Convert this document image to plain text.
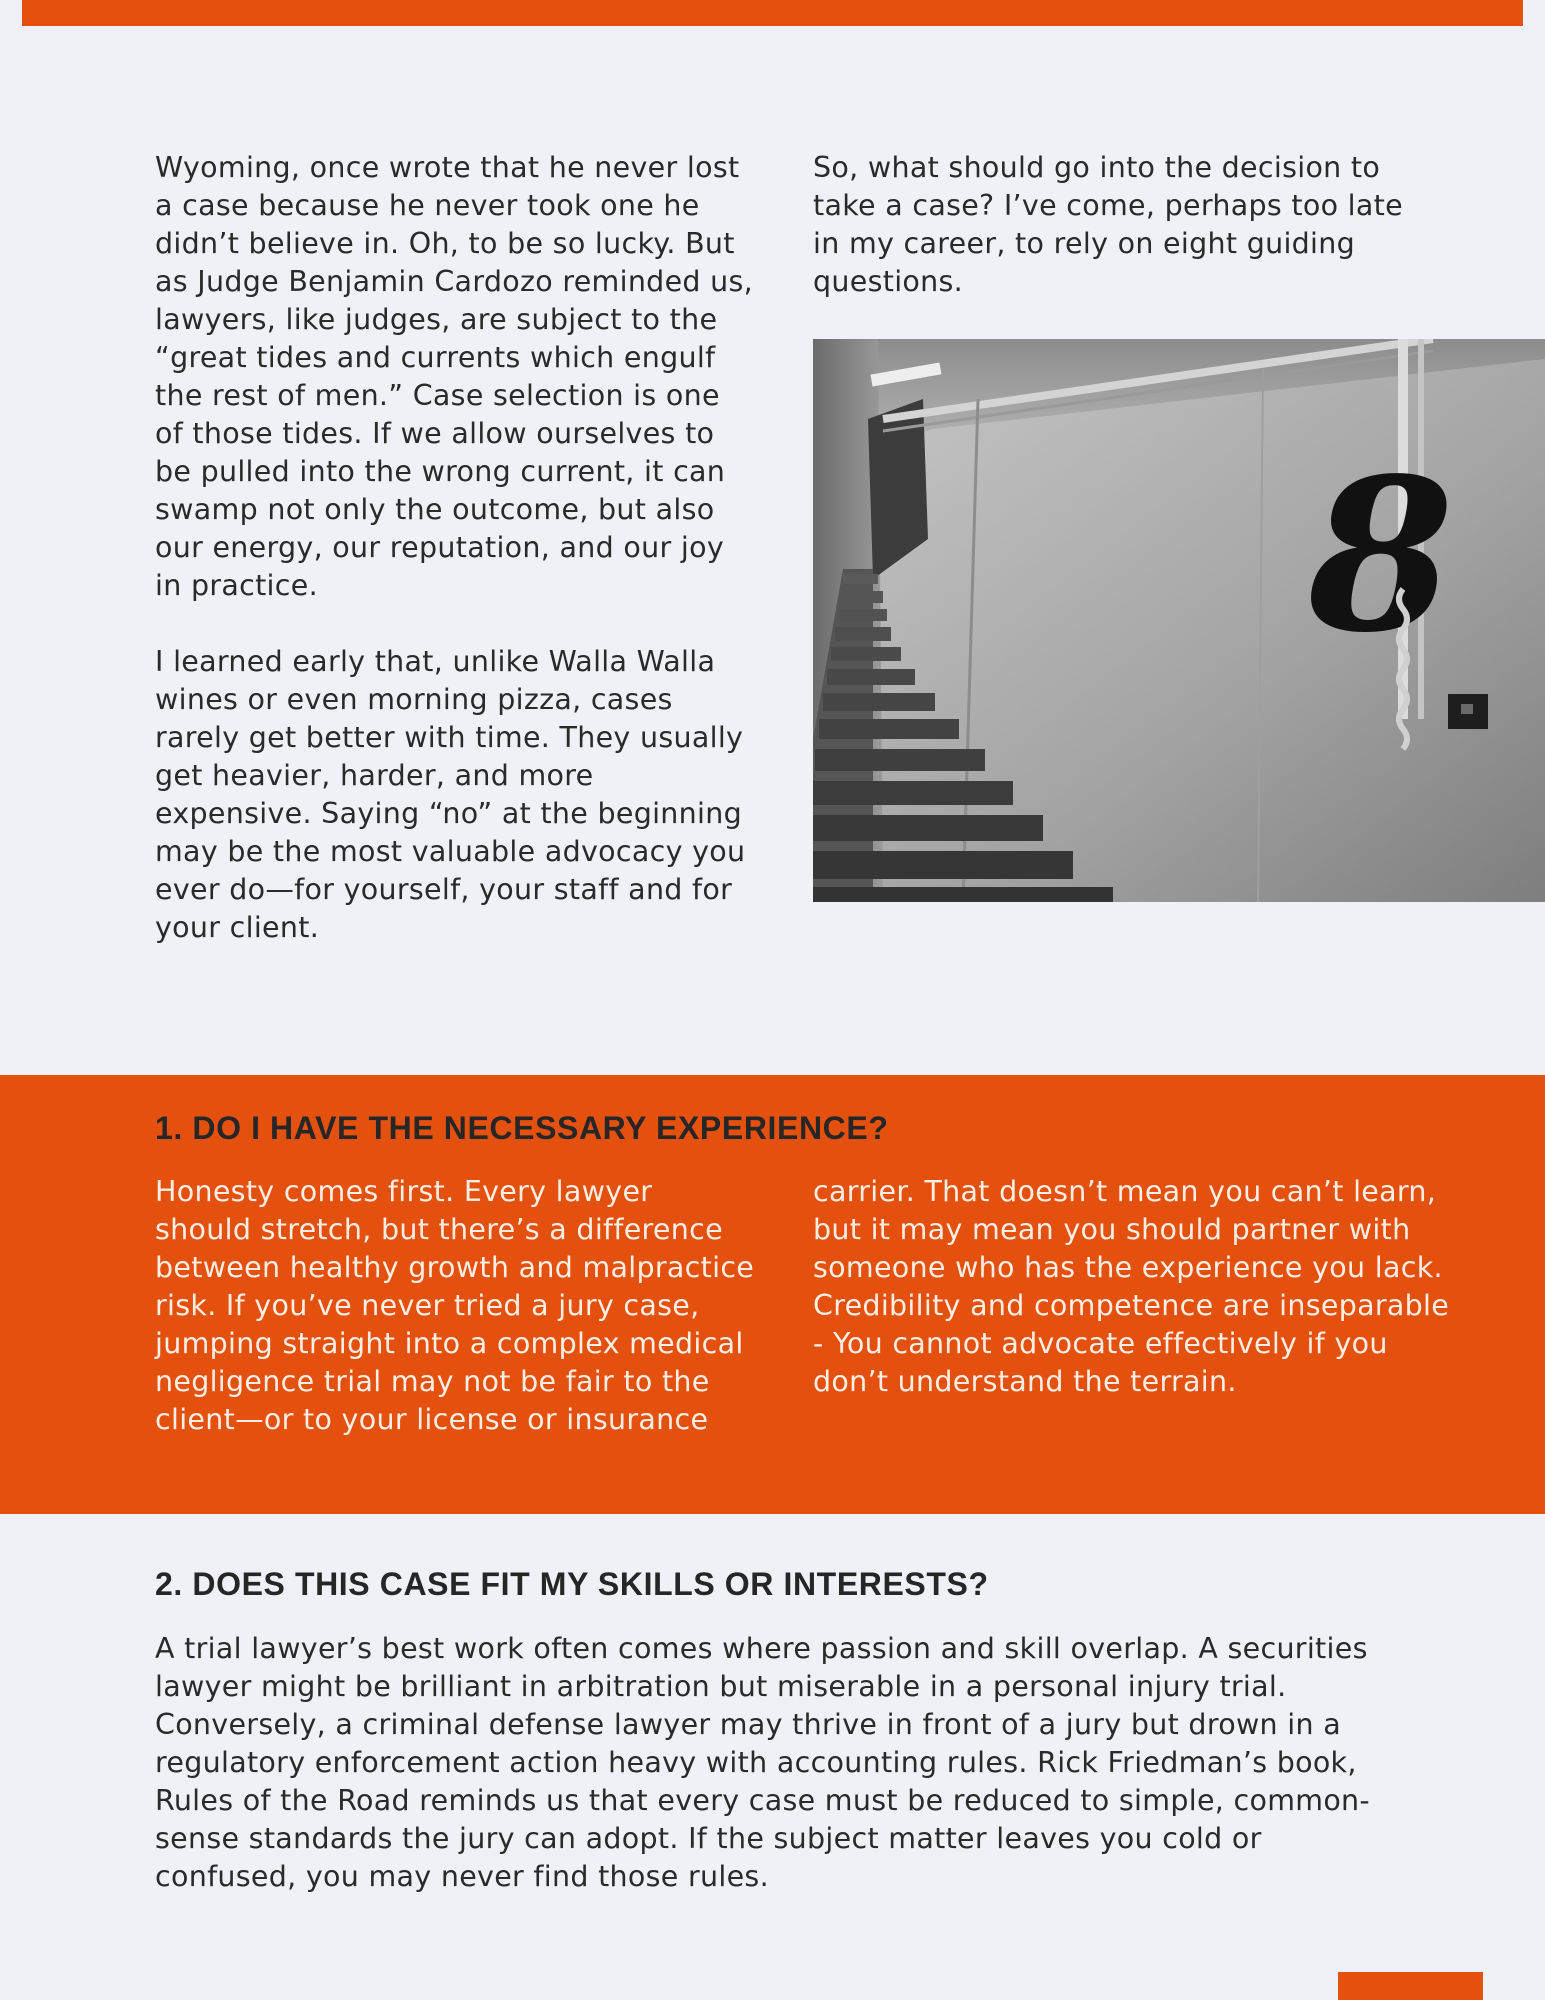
Wyoming, once wrote that he never lost a case because he never took one he didn’t believe in. Oh, to be so lucky. But as Judge Benjamin Cardozo reminded us, lawyers, like judges, are subject to the “great tides and currents which engulf the rest of men.” Case selection is one of those tides. If we allow ourselves to be pulled into the wrong current, it can swamp not only the outcome, but also our energy, our reputation, and our joy in practice.

I learned early that, unlike Walla Walla wines or even morning pizza, cases rarely get better with time. They usually get heavier, harder, and more expensive. Saying “no” at the beginning may be the most valuable advocacy you ever do—for yourself, your staff and for your client.

So, what should go into the decision to take a case? I’ve come, perhaps too late in my career, to rely on eight guiding questions.

8
1. DO I HAVE THE NECESSARY EXPERIENCE?

Honesty comes first. Every lawyer should stretch, but there’s a difference between healthy growth and malpractice risk. If you’ve never tried a jury case, jumping straight into a complex medical negligence trial may not be fair to the client—or to your license or insurance

carrier. That doesn’t mean you can’t learn, but it may mean you should partner with someone who has the experience you lack. Credibility and competence are inseparable - You cannot advocate effectively if you don’t understand the terrain.

2. DOES THIS CASE FIT MY SKILLS OR INTERESTS?

A trial lawyer’s best work often comes where passion and skill overlap. A securities lawyer might be brilliant in arbitration but miserable in a personal injury trial. Conversely, a criminal defense lawyer may thrive in front of a jury but drown in a regulatory enforcement action heavy with accounting rules. Rick Friedman’s book, Rules of the Road reminds us that every case must be reduced to simple, common-sense standards the jury can adopt. If the subject matter leaves you cold or confused, you may never find those rules.
